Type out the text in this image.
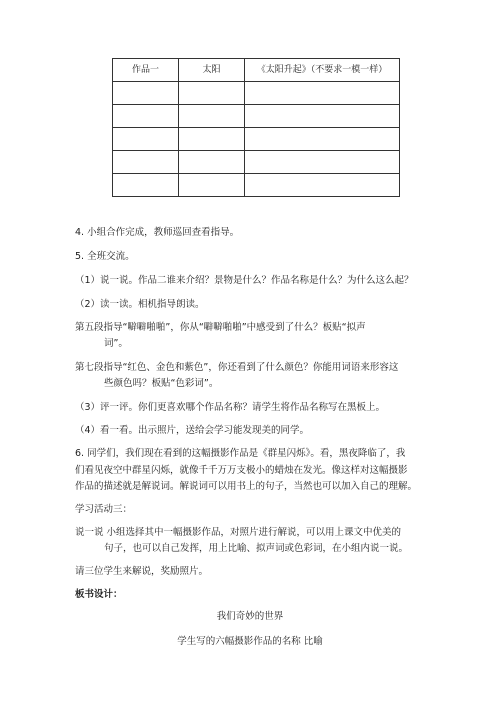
作品一	太阳	《太阳升起》（不要求一模一样）

4. 小组合作完成，教师巡回查看指导。
5. 全班交流。
（1）说一说。作品二谁来介绍？景物是什么？作品名称是什么？为什么这么起？
（2）读一读。相机指导朗读。
第五段指导“噼噼啪啪”，你从“噼噼啪啪”中感受到了什么？板贴“拟声
词”。
第七段指导“红色、金色和紫色”，你还看到了什么颜色？你能用词语来形容这
些颜色吗？板贴“色彩词”。
（3）评一评。你们更喜欢哪个作品名称？请学生将作品名称写在黑板上。
（4）看一看。出示照片，送给会学习能发现美的同学。
6. 同学们，我们现在看到的这幅摄影作品是《群星闪烁》。看，黑夜降临了，我
们看见夜空中群星闪烁，就像千千万万支极小的蜡烛在发光。像这样对这幅摄影
作品的描述就是解说词。解说词可以用书上的句子，当然也可以加入自己的理解。
学习活动三：
说一说 小组选择其中一幅摄影作品，对照片进行解说，可以用上课文中优美的
句子，也可以自己发挥，用上比喻、拟声词或色彩词，在小组内说一说。
请三位学生来解说，奖励照片。
板书设计：
我们奇妙的世界
学生写的六幅摄影作品的名称 比喻
